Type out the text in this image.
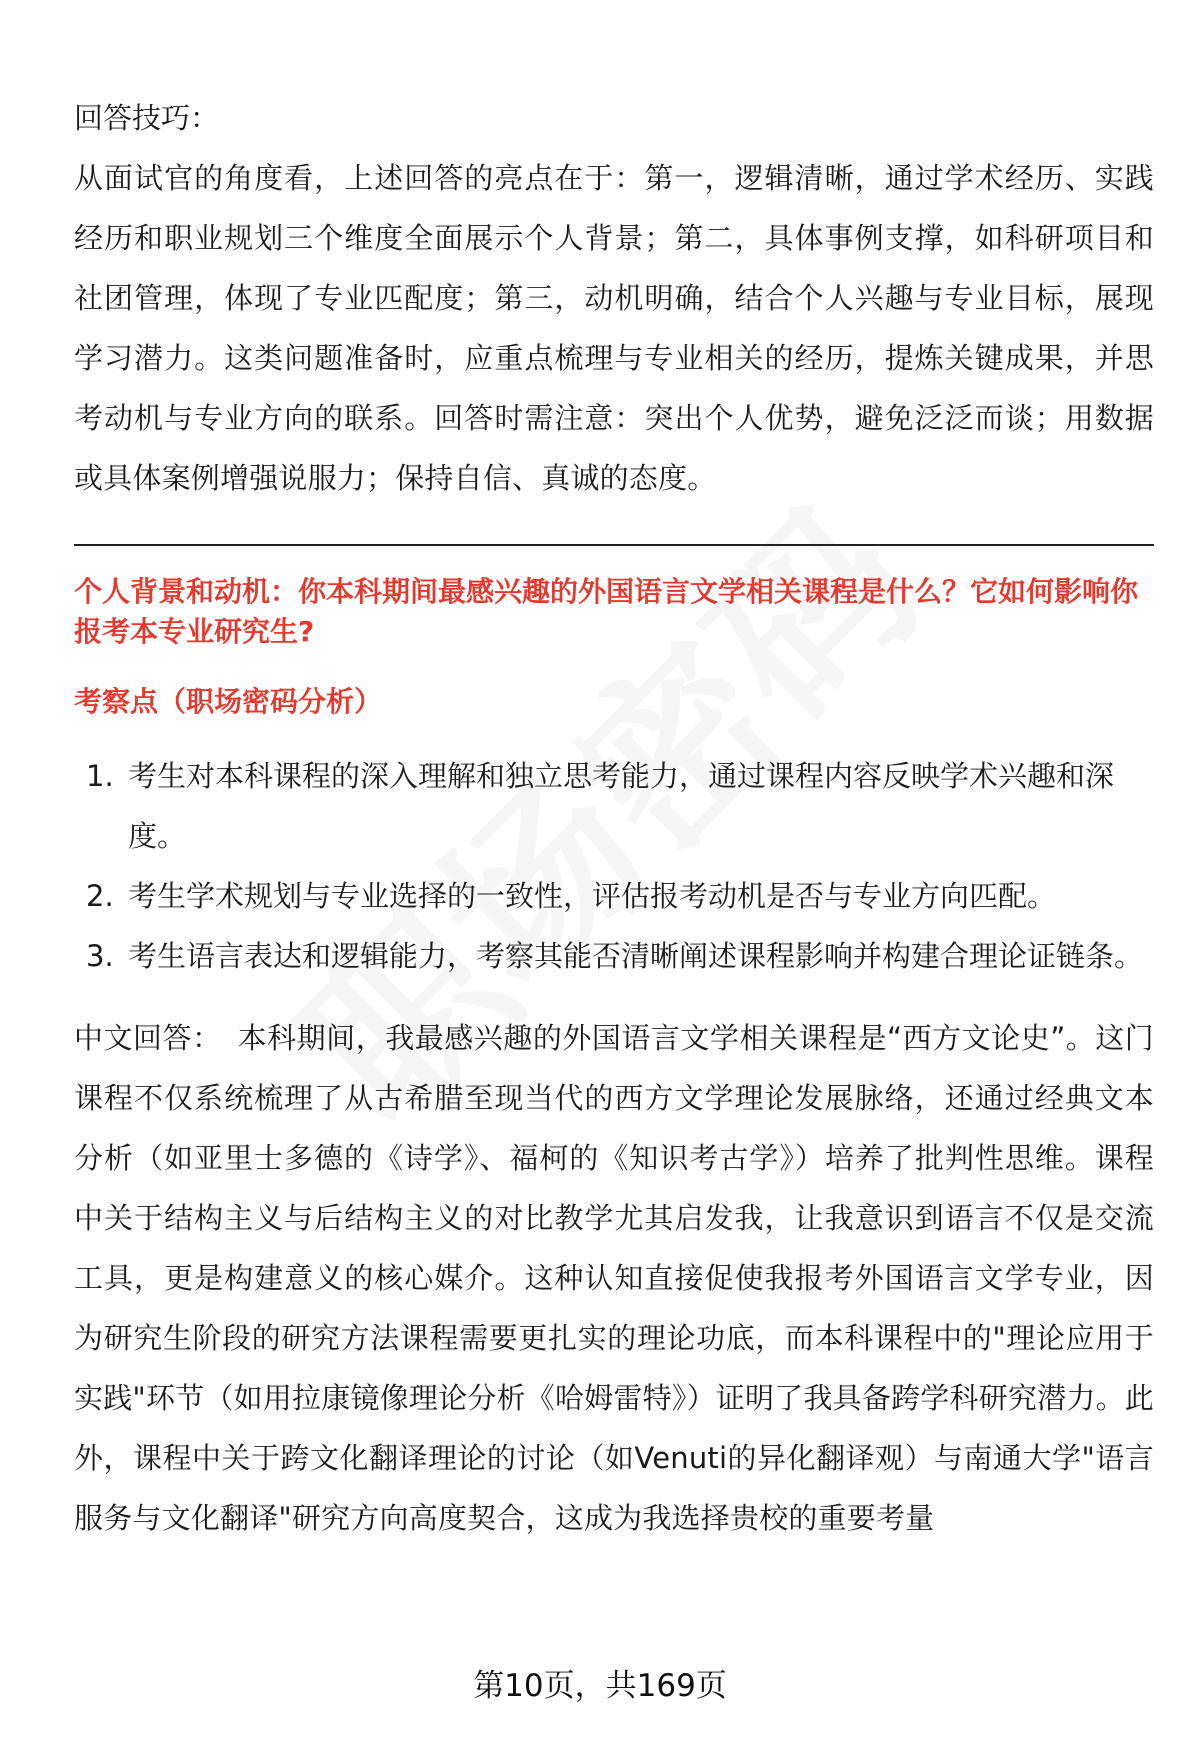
回答技巧：

从面试官的角度看，上述回答的亮点在于：第一，逻辑清晰，通过学术经历、实践经历和职业规划三个维度全面展示个人背景；第二，具体事例支撑，如科研项目和社团管理，体现了专业匹配度；第三，动机明确，结合个人兴趣与专业目标，展现学习潜力。这类问题准备时，应重点梳理与专业相关的经历，提炼关键成果，并思考动机与专业方向的联系。回答时需注意：突出个人优势，避免泛泛而谈；用数据或具体案例增强说服力；保持自信、真诚的态度。

个人背景和动机：你本科期间最感兴趣的外国语言文学相关课程是什么？它如何影响你报考本专业研究生?

考察点（职场密码分析）

1. 考生对本科课程的深入理解和独立思考能力，通过课程内容反映学术兴趣和深度。
2. 考生学术规划与专业选择的一致性，评估报考动机是否与专业方向匹配。
3. 考生语言表达和逻辑能力，考察其能否清晰阐述课程影响并构建合理论证链条。

中文回答： 本科期间，我最感兴趣的外国语言文学相关课程是“西方文论史”。这门课程不仅系统梳理了从古希腊至现当代的西方文学理论发展脉络，还通过经典文本分析（如亚里士多德的《诗学》、福柯的《知识考古学》）培养了批判性思维。课程中关于结构主义与后结构主义的对比教学尤其启发我，让我意识到语言不仅是交流工具，更是构建意义的核心媒介。这种认知直接促使我报考外国语言文学专业，因为研究生阶段的研究方法课程需要更扎实的理论功底，而本科课程中的"理论应用于实践"环节（如用拉康镜像理论分析《哈姆雷特》）证明了我具备跨学科研究潜力。此外，课程中关于跨文化翻译理论的讨论（如Venuti的异化翻译观）与南通大学"语言服务与文化翻译"研究方向高度契合，这成为我选择贵校的重要考量

第10页，共169页
